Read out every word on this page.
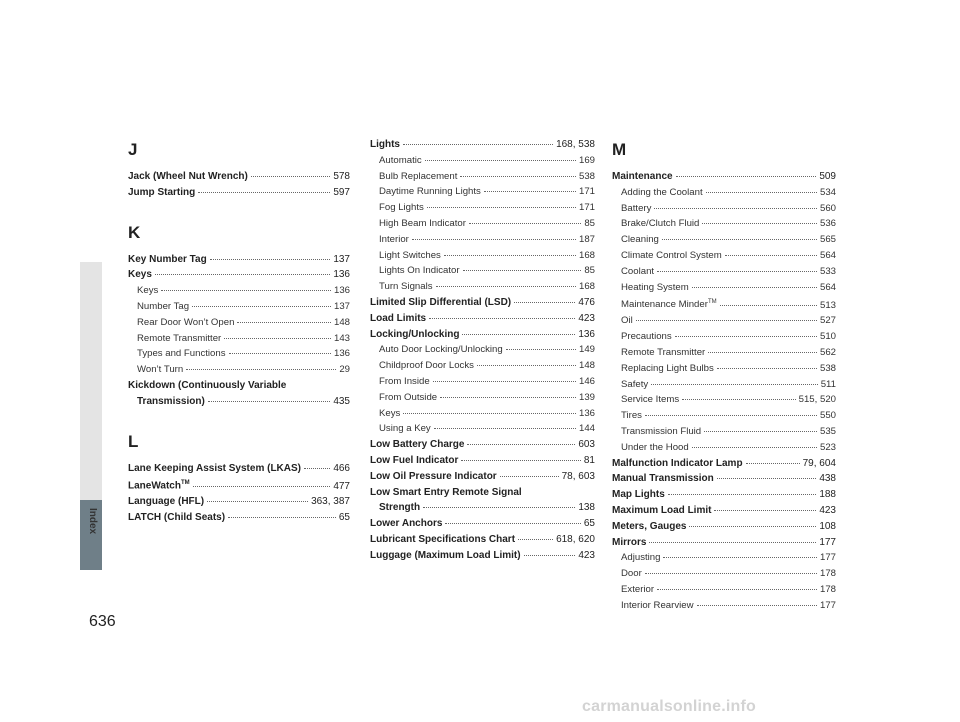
Index
636
J
Jack (Wheel Nut Wrench)	578
Jump Starting	597
K
Key Number Tag	137
Keys	136
Keys	136
Number Tag	137
Rear Door Won’t Open	148
Remote Transmitter	143
Types and Functions	136
Won’t Turn	29
Kickdown (Continuously Variable
Transmission)	435
L
Lane Keeping Assist System (LKAS)	466
LaneWatch™	477
Language (HFL)	363, 387
LATCH (Child Seats)	65
Lights	168, 538
Automatic	169
Bulb Replacement	538
Daytime Running Lights	171
Fog Lights	171
High Beam Indicator	85
Interior	187
Light Switches	168
Lights On Indicator	85
Turn Signals	168
Limited Slip Differential (LSD)	476
Load Limits	423
Locking/Unlocking	136
Auto Door Locking/Unlocking	149
Childproof Door Locks	148
From Inside	146
From Outside	139
Keys	136
Using a Key	144
Low Battery Charge	603
Low Fuel Indicator	81
Low Oil Pressure Indicator	78, 603
Low Smart Entry Remote Signal
Strength	138
Lower Anchors	65
Lubricant Specifications Chart	618, 620
Luggage (Maximum Load Limit)	423
M
Maintenance	509
Adding the Coolant	534
Battery	560
Brake/Clutch Fluid	536
Cleaning	565
Climate Control System	564
Coolant	533
Heating System	564
Maintenance Minder™	513
Oil	527
Precautions	510
Remote Transmitter	562
Replacing Light Bulbs	538
Safety	511
Service Items	515, 520
Tires	550
Transmission Fluid	535
Under the Hood	523
Malfunction Indicator Lamp	79, 604
Manual Transmission	438
Map Lights	188
Maximum Load Limit	423
Meters, Gauges	108
Mirrors	177
Adjusting	177
Door	178
Exterior	178
Interior Rearview	177
carmanualsonline.info
